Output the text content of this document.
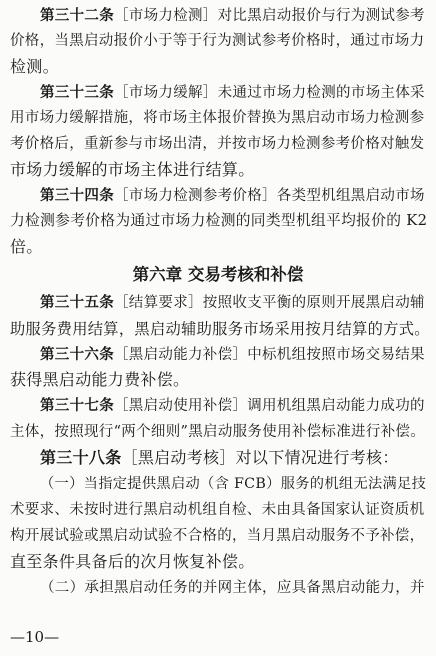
第三十二条［市场力检测］对比黑启动报价与行为测试参考
价格，当黑启动报价小于等于行为测试参考价格时，通过市场力
检测。
第三十三条［市场力缓解］未通过市场力检测的市场主体采
用市场力缓解措施，将市场主体报价替换为黑启动市场力检测参
考价格后，重新参与市场出清，并按市场力检测参考价格对触发
市场力缓解的市场主体进行结算。
第三十四条［市场力检测参考价格］各类型机组黑启动市场
力检测参考价格为通过市场力检测的同类型机组平均报价的 K2
倍。
第六章 交易考核和补偿
第三十五条［结算要求］按照收支平衡的原则开展黑启动辅
助服务费用结算，黑启动辅助服务市场采用按月结算的方式。
第三十六条［黑启动能力补偿］中标机组按照市场交易结果
获得黑启动能力费补偿。
第三十七条［黑启动使用补偿］调用机组黑启动能力成功的
主体，按照现行“两个细则”黑启动服务使用补偿标准进行补偿。
第三十八条［黑启动考核］对以下情况进行考核：
（一）当指定提供黑启动（含 FCB）服务的机组无法满足技
术要求、未按时进行黑启动机组自检、未由具备国家认证资质机
构开展试验或黑启动试验不合格的，当月黑启动服务不予补偿，
直至条件具备后的次月恢复补偿。
（二）承担黑启动任务的并网主体，应具备黑启动能力，并
—10—
